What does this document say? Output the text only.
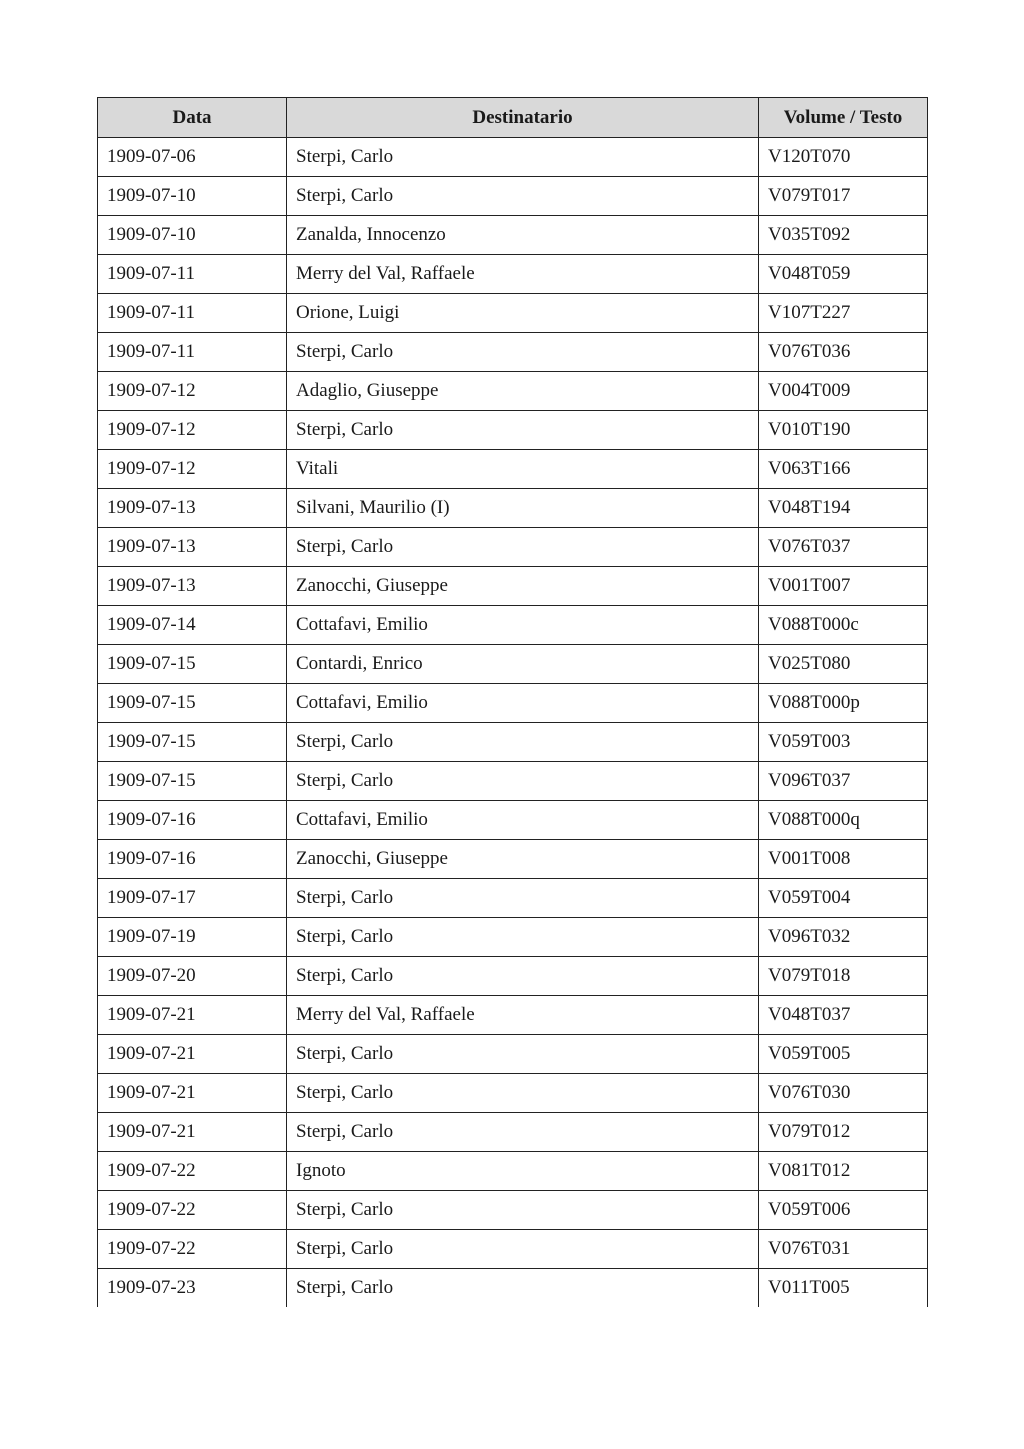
Data	Destinatario	Volume / Testo
1909-07-06	Sterpi, Carlo	V120T070
1909-07-10	Sterpi, Carlo	V079T017
1909-07-10	Zanalda, Innocenzo	V035T092
1909-07-11	Merry del Val, Raffaele	V048T059
1909-07-11	Orione, Luigi	V107T227
1909-07-11	Sterpi, Carlo	V076T036
1909-07-12	Adaglio, Giuseppe	V004T009
1909-07-12	Sterpi, Carlo	V010T190
1909-07-12	Vitali	V063T166
1909-07-13	Silvani, Maurilio (I)	V048T194
1909-07-13	Sterpi, Carlo	V076T037
1909-07-13	Zanocchi, Giuseppe	V001T007
1909-07-14	Cottafavi, Emilio	V088T000c
1909-07-15	Contardi, Enrico	V025T080
1909-07-15	Cottafavi, Emilio	V088T000p
1909-07-15	Sterpi, Carlo	V059T003
1909-07-15	Sterpi, Carlo	V096T037
1909-07-16	Cottafavi, Emilio	V088T000q
1909-07-16	Zanocchi, Giuseppe	V001T008
1909-07-17	Sterpi, Carlo	V059T004
1909-07-19	Sterpi, Carlo	V096T032
1909-07-20	Sterpi, Carlo	V079T018
1909-07-21	Merry del Val, Raffaele	V048T037
1909-07-21	Sterpi, Carlo	V059T005
1909-07-21	Sterpi, Carlo	V076T030
1909-07-21	Sterpi, Carlo	V079T012
1909-07-22	Ignoto	V081T012
1909-07-22	Sterpi, Carlo	V059T006
1909-07-22	Sterpi, Carlo	V076T031
1909-07-23	Sterpi, Carlo	V011T005
